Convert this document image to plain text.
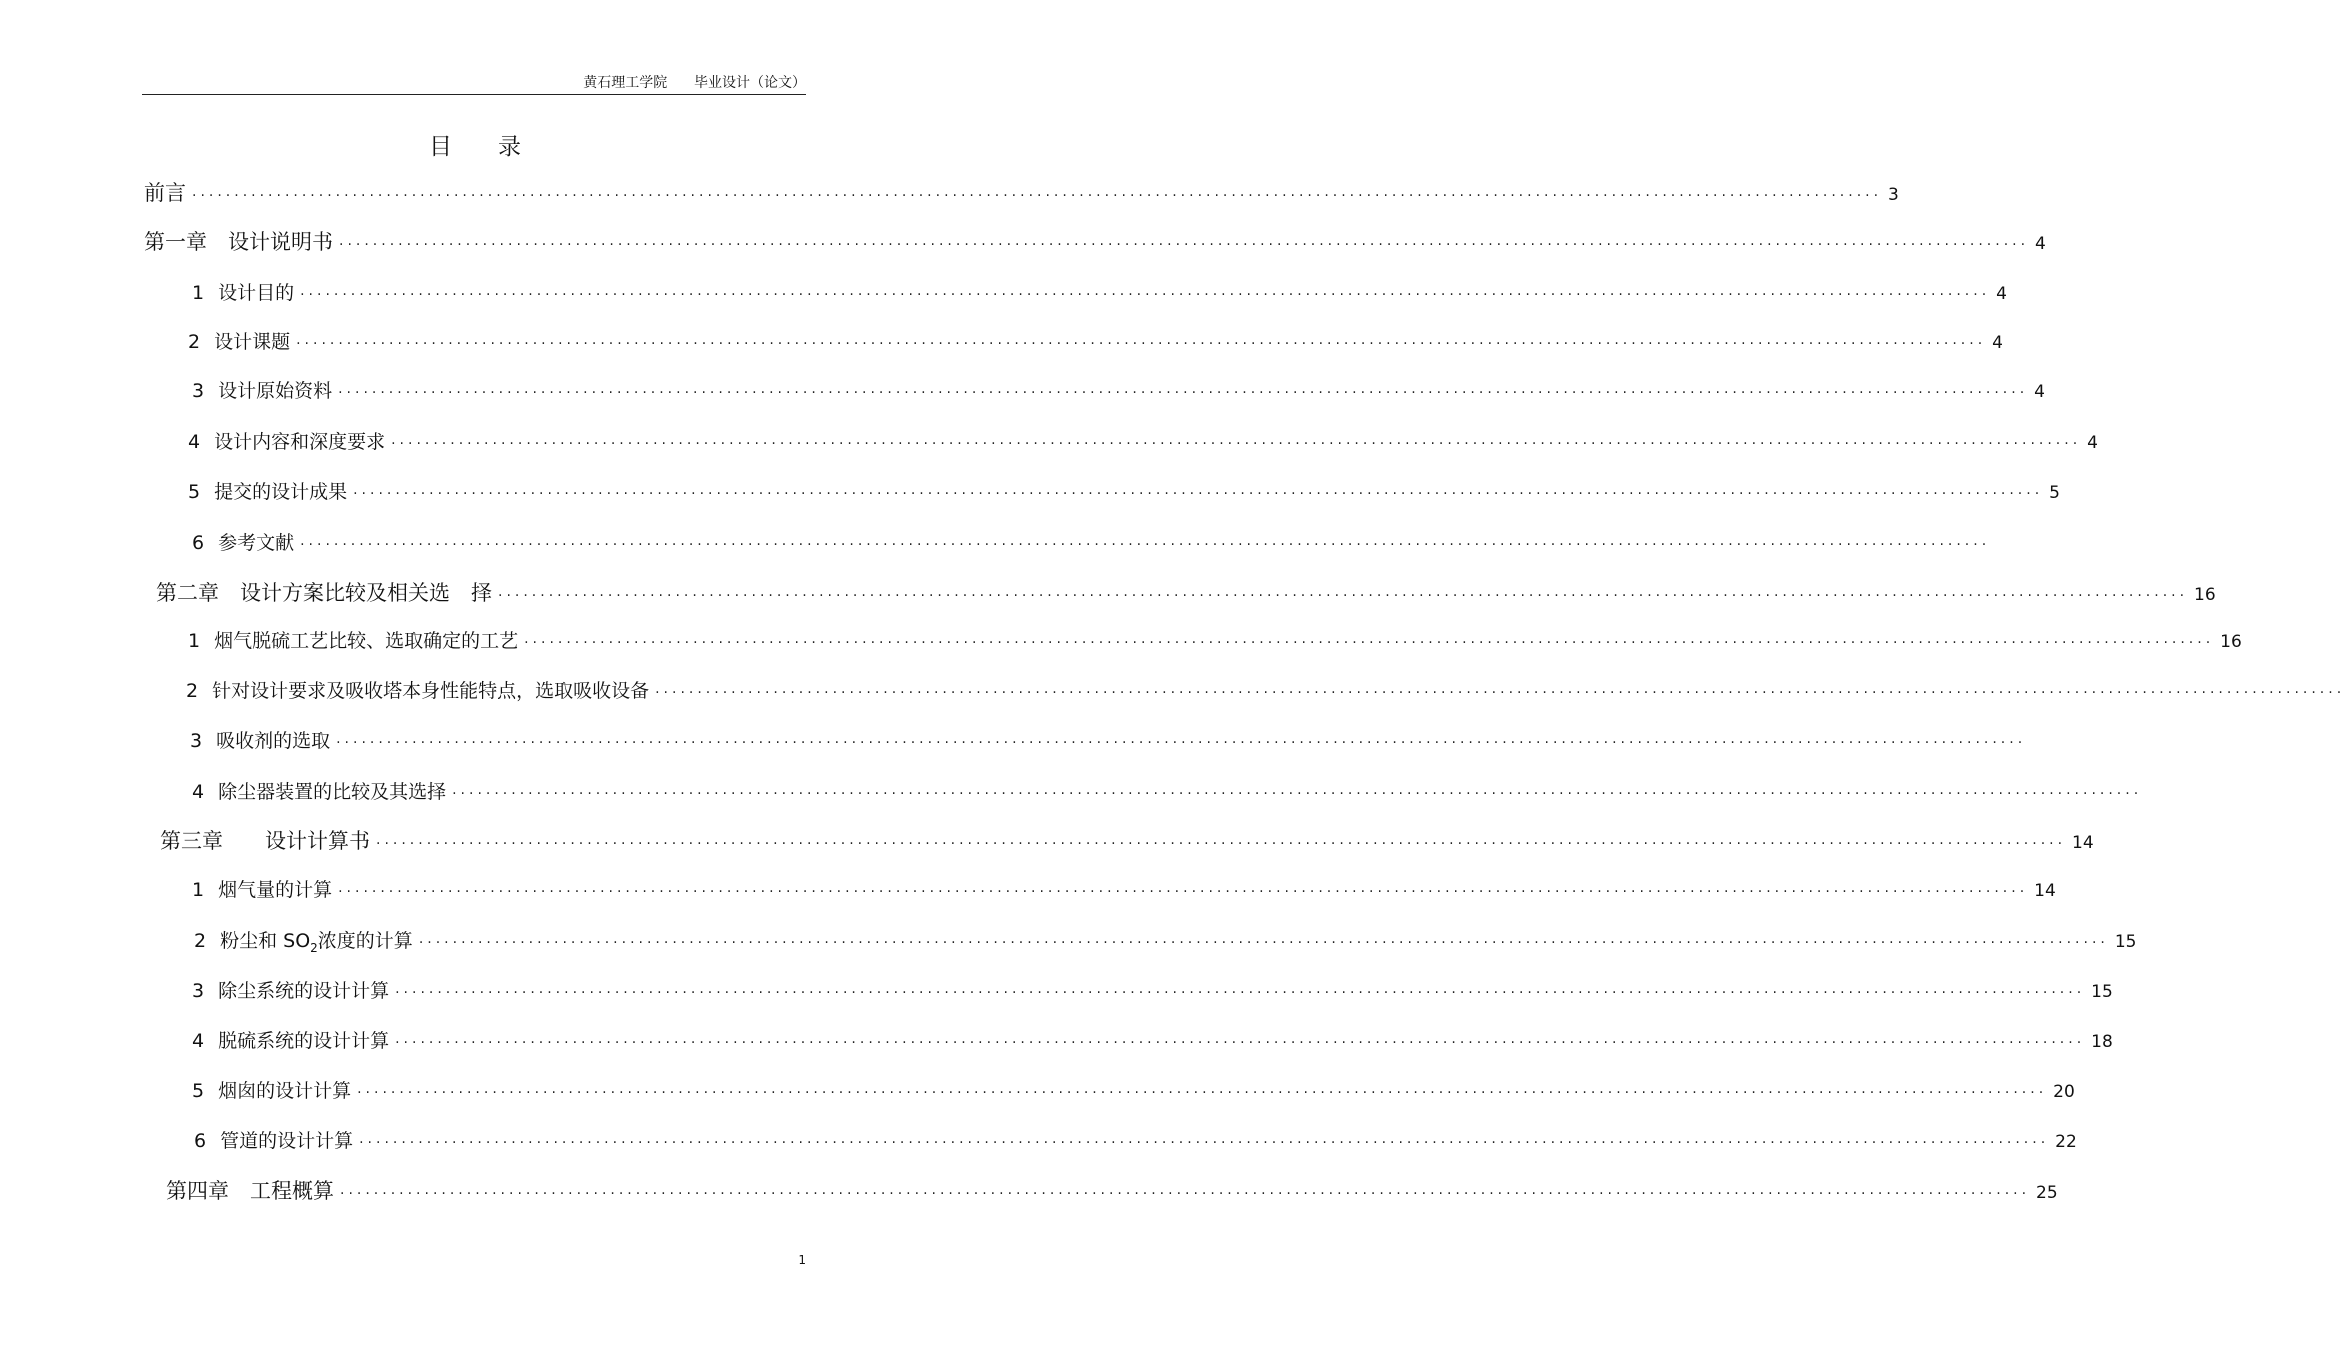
黄石理工学院 毕业设计（论文）
目　　录
前言 ········································································································································································································ 3
第一章　设计说明书 ········································································································································································································ 4
1 设计目的 ········································································································································································································ 4
2 设计课题 ········································································································································································································ 4
3 设计原始资料 ········································································································································································································ 4
4 设计内容和深度要求 ········································································································································································································ 4
5 提交的设计成果 ········································································································································································································ 5
6 参考文献 ········································································································································································································
第二章　设计方案比较及相关选　择 ········································································································································································································ 16
1 烟气脱硫工艺比较、选取确定的工艺 ········································································································································································································ 16
2 针对设计要求及吸收塔本身性能特点，选取吸收设备 ········································································································································································································
3 吸收剂的选取 ········································································································································································································
4 除尘器装置的比较及其选择 ········································································································································································································
第三章　　设计计算书 ········································································································································································································ 14
1 烟气量的计算 ········································································································································································································ 14
2 粉尘和 SO 2 浓度的计算 ········································································································································································································ 15
3 除尘系统的设计计算 ········································································································································································································ 15
4 脱硫系统的设计计算 ········································································································································································································ 18
5 烟囱的设计计算 ········································································································································································································ 20
6 管道的设计计算 ········································································································································································································ 22
第四章　工程概算 ········································································································································································································ 25
1
